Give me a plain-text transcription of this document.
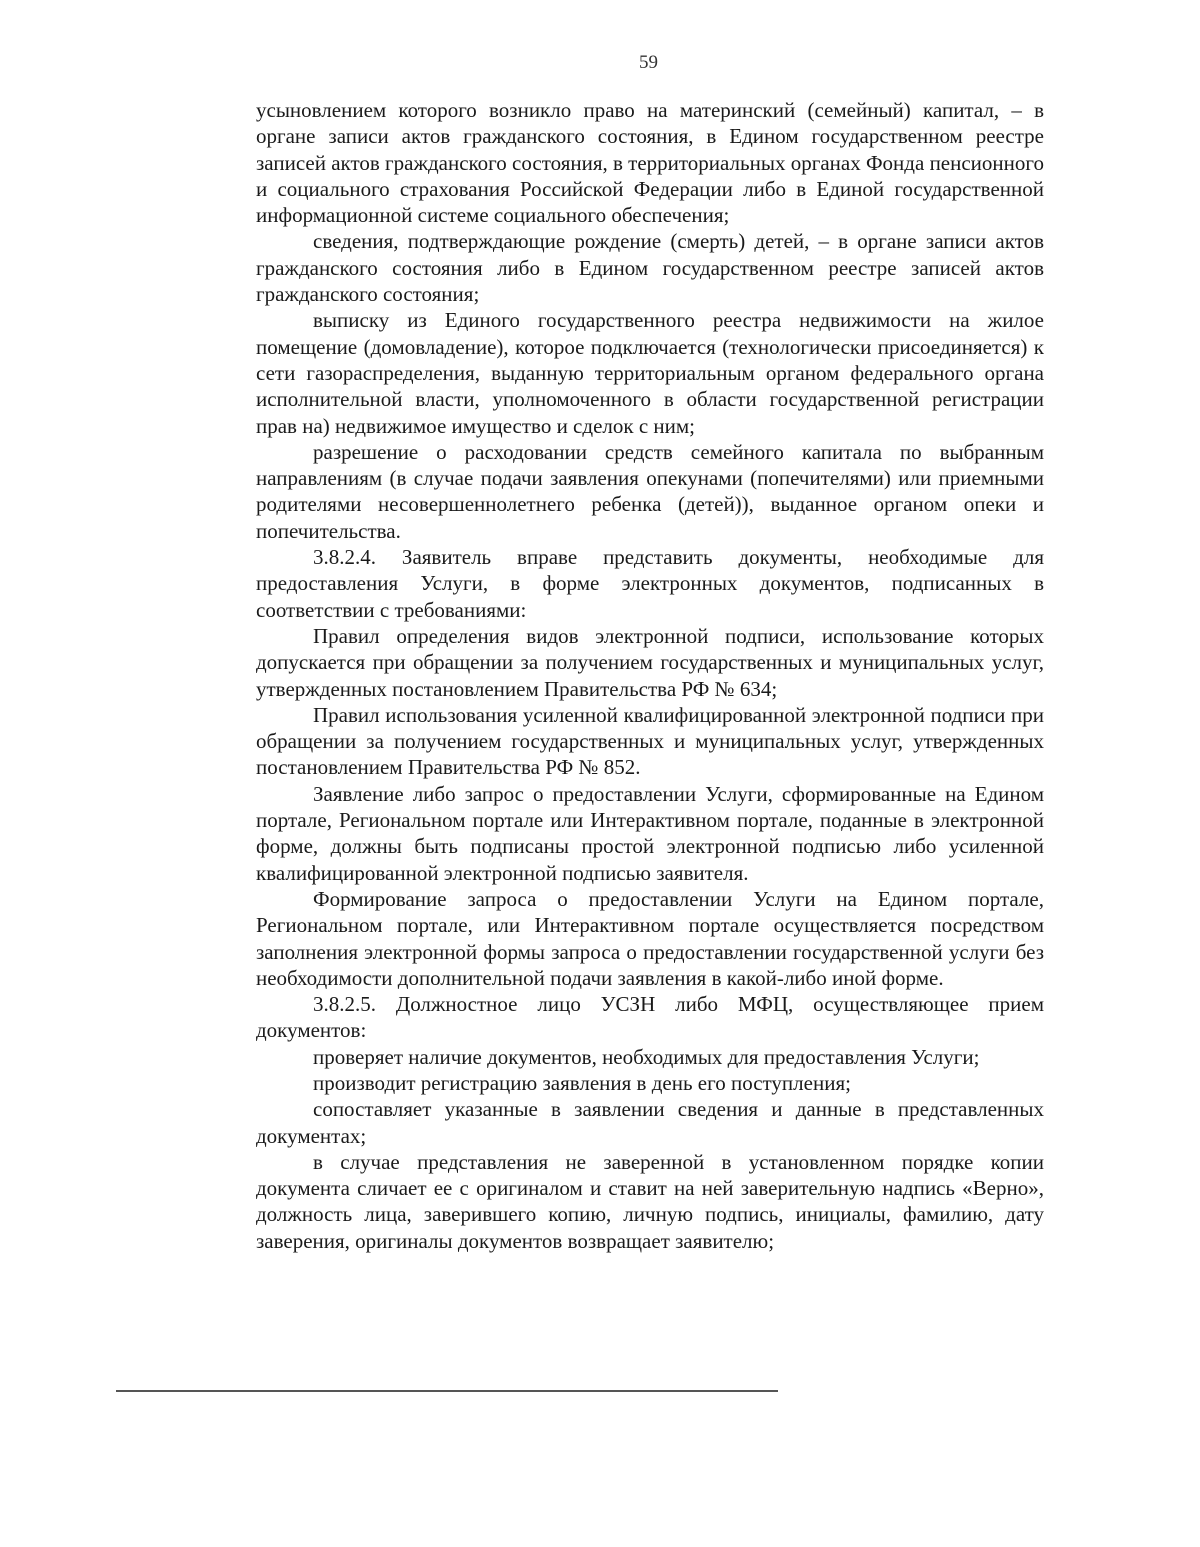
59

усыновлением которого возникло право на материнский (семейный) капитал, – в органе записи актов гражданского состояния, в Едином государственном реестре записей актов гражданского состояния, в территориальных органах Фонда пенсионного и социального страхования Российской Федерации либо в Единой государственной информационной системе социального обеспечения;

сведения, подтверждающие рождение (смерть) детей, – в органе записи актов гражданского состояния либо в Едином государственном реестре записей актов гражданского состояния;

выписку из Единого государственного реестра недвижимости на жилое помещение (домовладение), которое подключается (технологически присоединяется) к сети газораспределения, выданную территориальным органом федерального органа исполнительной власти, уполномоченного в области государственной регистрации прав на) недвижимое имущество и сделок с ним;

разрешение о расходовании средств семейного капитала по выбранным направлениям (в случае подачи заявления опекунами (попечителями) или приемными родителями несовершеннолетнего ребенка (детей)), выданное органом опеки и попечительства.

3.8.2.4. Заявитель вправе представить документы, необходимые для предоставления Услуги, в форме электронных документов, подписанных в соответствии с требованиями:

Правил определения видов электронной подписи, использование которых допускается при обращении за получением государственных и муниципальных услуг, утвержденных постановлением Правительства РФ № 634;

Правил использования усиленной квалифицированной электронной подписи при обращении за получением государственных и муниципальных услуг, утвержденных постановлением Правительства РФ № 852.

Заявление либо запрос о предоставлении Услуги, сформированные на Едином портале, Региональном портале или Интерактивном портале, поданные в электронной форме, должны быть подписаны простой электронной подписью либо усиленной квалифицированной электронной подписью заявителя.

Формирование запроса о предоставлении Услуги на Едином портале, Региональном портале, или Интерактивном портале осуществляется посредством заполнения электронной формы запроса о предоставлении государственной услуги без необходимости дополнительной подачи заявления в какой-либо иной форме.

3.8.2.5. Должностное лицо УСЗН либо МФЦ, осуществляющее прием документов:

проверяет наличие документов, необходимых для предоставления Услуги;

производит регистрацию заявления в день его поступления;

сопоставляет указанные в заявлении сведения и данные в представленных документах;

в случае представления не заверенной в установленном порядке копии документа сличает ее с оригиналом и ставит на ней заверительную надпись «Верно», должность лица, заверившего копию, личную подпись, инициалы, фамилию, дату заверения, оригиналы документов возвращает заявителю;
